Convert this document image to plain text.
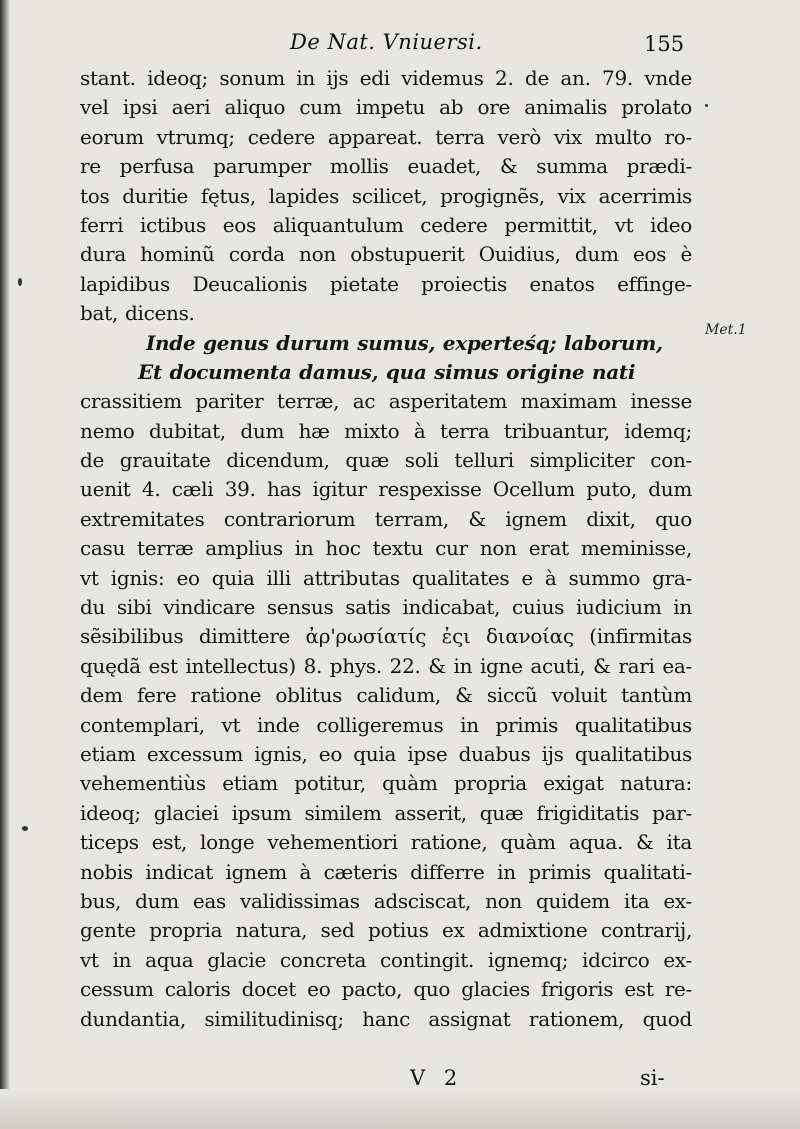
De Nat. Vniuersi.	155
stant. ideoq; sonum in ijs edi videmus 2. de an. 79. vnde
vel ipsi aeri aliquo cum impetu ab ore animalis prolato
eorum vtrumq; cedere appareat. terra verò vix multo ro-
re perfusa parumper mollis euadet, & summa prædi-
tos duritie fętus, lapides scilicet, progignẽs, vix acerrimis
ferri ictibus eos aliquantulum cedere permittit, vt ideo
dura hominũ corda non obstupuerit Ouidius, dum eos è
lapidibus Deucalionis pietate proiectis enatos effinge-
bat, dicens.
Inde genus durum sumus, experteśq; laborum,
Et documenta damus, qua simus origine nati
crassitiem pariter terræ, ac asperitatem maximam inesse
nemo dubitat, dum hæ mixto à terra tribuantur, idemq;
de grauitate dicendum, quæ soli telluri simpliciter con-
uenit 4. cæli 39. has igitur respexisse Ocellum puto, dum
extremitates contrariorum terram, & ignem dixit, quo
casu terræ amplius in hoc textu cur non erat meminisse,
vt ignis: eo quia illi attributas qualitates e à summo gra-
du sibi vindicare sensus satis indicabat, cuius iudicium in
sẽsibilibus dimittere ἀρ'ρωσίατίς ἐςι διανοίας (infirmitas
quędã est intellectus) 8. phys. 22. & in igne acuti, & rari ea-
dem fere ratione oblitus calidum, & siccũ voluit tantùm
contemplari, vt inde colligeremus in primis qualitatibus
etiam excessum ignis, eo quia ipse duabus ijs qualitatibus
vehementiùs etiam potitur, quàm propria exigat natura:
ideoq; glaciei ipsum similem asserit, quæ frigiditatis par-
ticeps est, longe vehementiori ratione, quàm aqua. & ita
nobis indicat ignem à cæteris differre in primis qualitati-
bus, dum eas validissimas adsciscat, non quidem ita ex-
gente propria natura, sed potius ex admixtione contrarij,
vt in aqua glacie concreta contingit. ignemq; idcirco ex-
cessum caloris docet eo pacto, quo glacies frigoris est re-
dundantia, similitudinisq; hanc assignat rationem, quod
Met.1
V 2	si-
